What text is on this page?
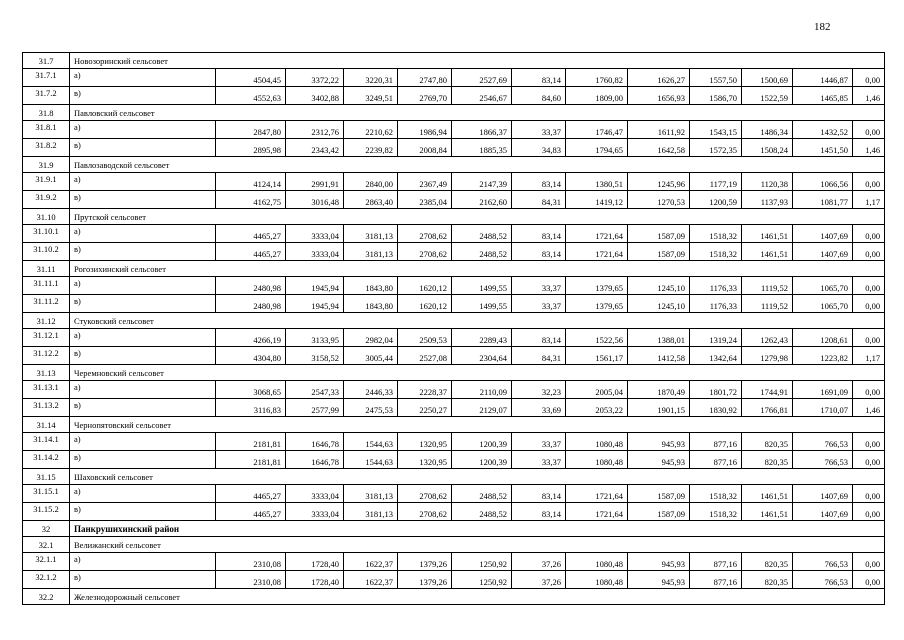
182
31.7	Новозоринский сельсовет												
31.7.1	а)	4504,45	3372,22	3220,31	2747,80	2527,69	83,14	1760,82	1626,27	1557,50	1500,69	1446,87	0,00
31.7.2	в)	4552,63	3402,88	3249,51	2769,70	2546,67	84,60	1809,00	1656,93	1586,70	1522,59	1465,85	1,46
31.8	Павловский сельсовет												
31.8.1	а)	2847,80	2312,76	2210,62	1986,94	1866,37	33,37	1746,47	1611,92	1543,15	1486,34	1432,52	0,00
31.8.2	в)	2895,98	2343,42	2239,82	2008,84	1885,35	34,83	1794,65	1642,58	1572,35	1508,24	1451,50	1,46
31.9	Павлозаводской сельсовет												
31.9.1	а)	4124,14	2991,91	2840,00	2367,49	2147,39	83,14	1380,51	1245,96	1177,19	1120,38	1066,56	0,00
31.9.2	в)	4162,75	3016,48	2863,40	2385,04	2162,60	84,31	1419,12	1270,53	1200,59	1137,93	1081,77	1,17
31.10	Прутской сельсовет												
31.10.1	а)	4465,27	3333,04	3181,13	2708,62	2488,52	83,14	1721,64	1587,09	1518,32	1461,51	1407,69	0,00
31.10.2	в)	4465,27	3333,04	3181,13	2708,62	2488,52	83,14	1721,64	1587,09	1518,32	1461,51	1407,69	0,00
31.11	Рогозихинский сельсовет												
31.11.1	а)	2480,98	1945,94	1843,80	1620,12	1499,55	33,37	1379,65	1245,10	1176,33	1119,52	1065,70	0,00
31.11.2	в)	2480,98	1945,94	1843,80	1620,12	1499,55	33,37	1379,65	1245,10	1176,33	1119,52	1065,70	0,00
31.12	Стуковский сельсовет												
31.12.1	а)	4266,19	3133,95	2982,04	2509,53	2289,43	83,14	1522,56	1388,01	1319,24	1262,43	1208,61	0,00
31.12.2	в)	4304,80	3158,52	3005,44	2527,08	2304,64	84,31	1561,17	1412,58	1342,64	1279,98	1223,82	1,17
31.13	Черемновский сельсовет												
31.13.1	а)	3068,65	2547,33	2446,33	2228,37	2110,09	32,23	2005,04	1870,49	1801,72	1744,91	1691,09	0,00
31.13.2	в)	3116,83	2577,99	2475,53	2250,27	2129,07	33,69	2053,22	1901,15	1830,92	1766,81	1710,07	1,46
31.14	Чернопятовский сельсовет												
31.14.1	а)	2181,81	1646,78	1544,63	1320,95	1200,39	33,37	1080,48	945,93	877,16	820,35	766,53	0,00
31.14.2	в)	2181,81	1646,78	1544,63	1320,95	1200,39	33,37	1080,48	945,93	877,16	820,35	766,53	0,00
31.15	Шаховский сельсовет												
31.15.1	а)	4465,27	3333,04	3181,13	2708,62	2488,52	83,14	1721,64	1587,09	1518,32	1461,51	1407,69	0,00
31.15.2	в)	4465,27	3333,04	3181,13	2708,62	2488,52	83,14	1721,64	1587,09	1518,32	1461,51	1407,69	0,00
32	Панкрушихинский район												
32.1	Велижанский сельсовет												
32.1.1	а)	2310,08	1728,40	1622,37	1379,26	1250,92	37,26	1080,48	945,93	877,16	820,35	766,53	0,00
32.1.2	в)	2310,08	1728,40	1622,37	1379,26	1250,92	37,26	1080,48	945,93	877,16	820,35	766,53	0,00
32.2	Железнодорожный сельсовет												
